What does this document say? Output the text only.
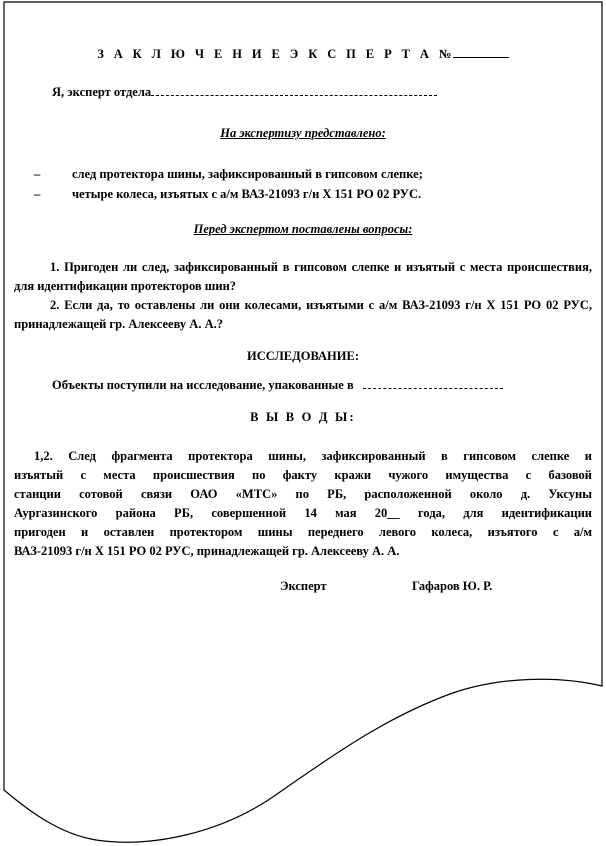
З А К Л Ю Ч Е Н И Е Э К С П Е Р Т А №
Я, эксперт отдела
На экспертизу представлено:
–	след протектора шины, зафиксированный в гипсовом слепке;
–	четыре колеса, изъятых с а/м ВАЗ-21093 г/н Х 151 РО 02 РУС.
Перед экспертом поставлены вопросы:

1. Пригоден ли след, зафиксированный в гипсовом слепке и изъятый с места происшествия, для идентификации протекторов шин?

2. Если да, то оставлены ли они колесами, изъятыми с а/м ВАЗ-21093 г/н Х 151 РО 02 РУС, принадлежащей гр. Алексееву А. А.?

ИССЛЕДОВАНИЕ:
Объекты поступили на исследование, упакованные в
В Ы В О Д Ы:
1,2. След фрагмента протектора шины, зафиксированный в гипсовом слепке и
изъятый с места происшествия по факту кражи чужого имущества с базовой
станции сотовой связи ОАО «МТС» по РБ, расположенной около д. Уксуны
Аургазинского района РБ, совершенной 14 мая 20__ года, для идентификации
пригоден и оставлен протектором шины переднего левого колеса, изъятого с а/м
ВАЗ-21093 г/н Х 151 РО 02 РУС, принадлежащей гр. Алексееву А. А.
Эксперт	Гафаров Ю. Р.
